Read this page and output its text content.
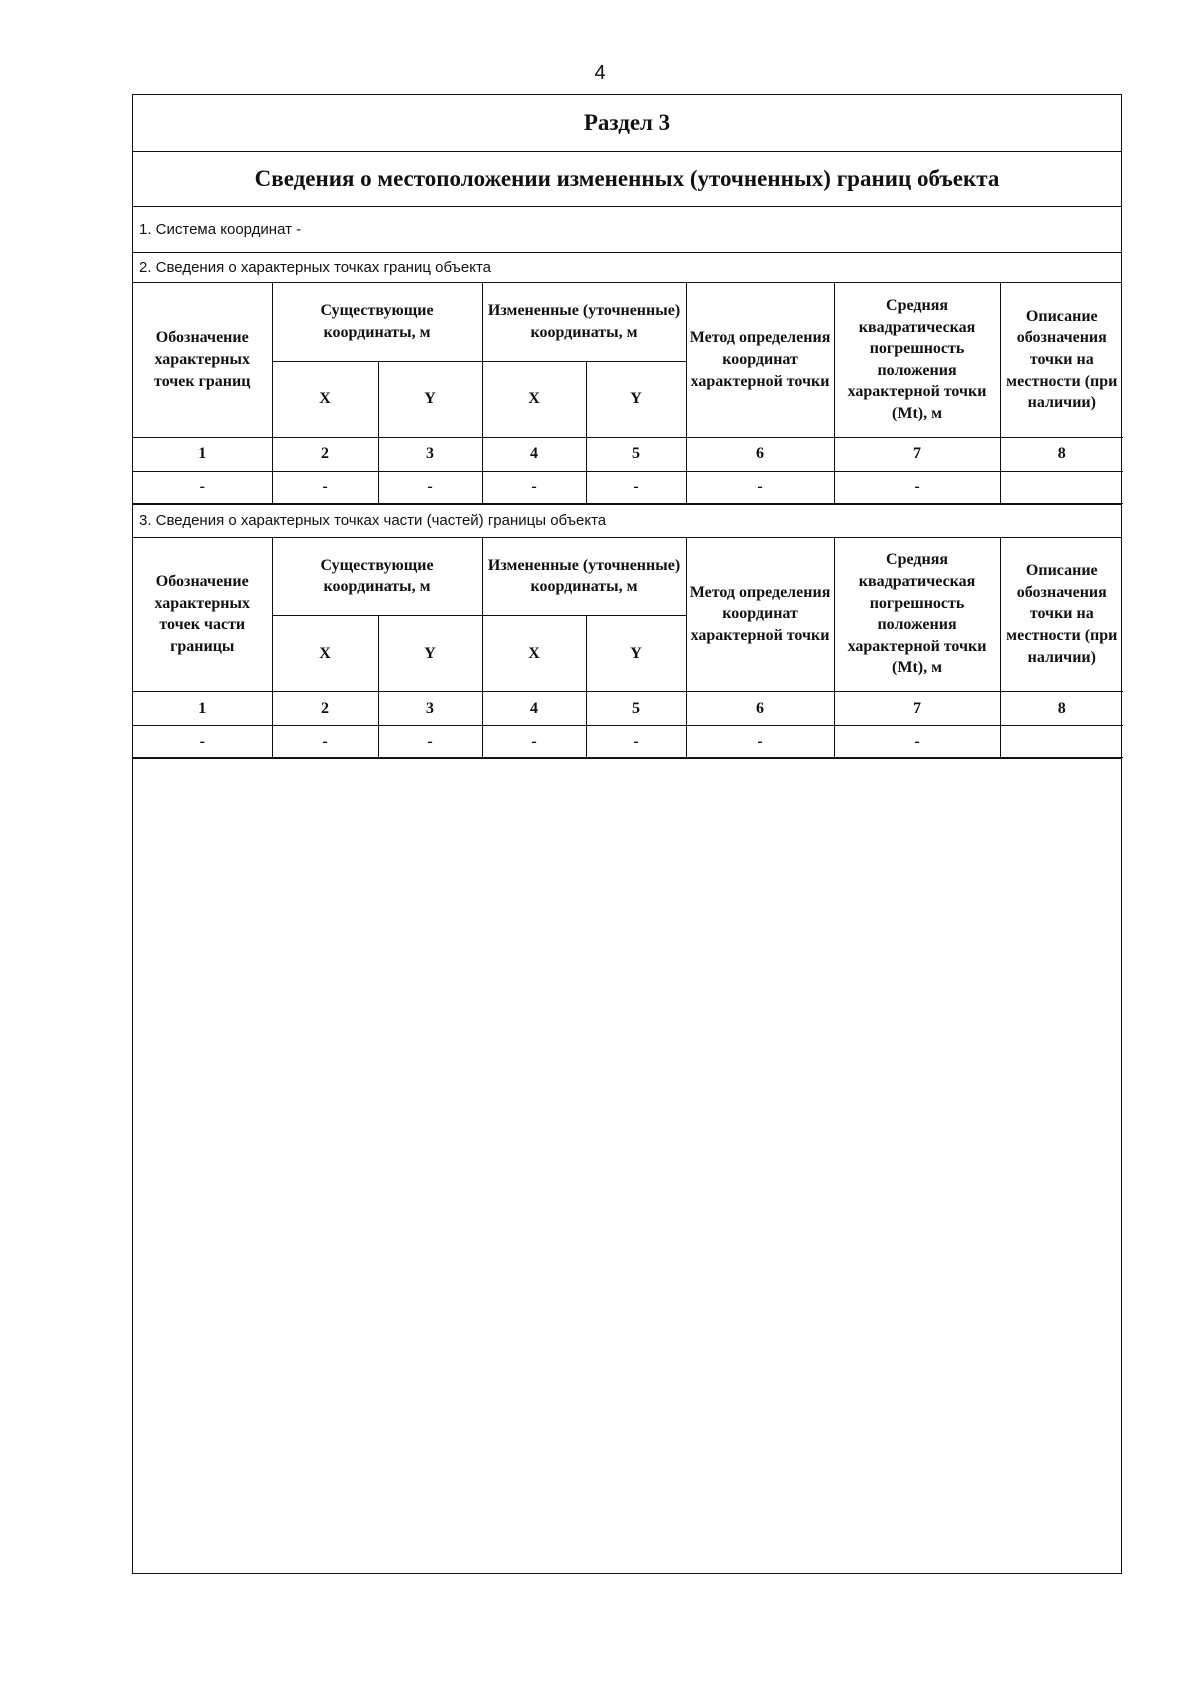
4
Раздел 3
Сведения о местоположении измененных (уточненных) границ объекта
1. Система координат -
2. Сведения о характерных точках границ объекта
Обозначение характерных точек границ	Существующие координаты, м		Измененные (уточненные) координаты, м		Метод определения координат характерной точки	Средняя квадратическая погрешность положения характерной точки (Mt), м	Описание обозначения точки на местности (при наличии)
	X	Y	X	Y			
1	2	3	4	5	6	7	8
-	-	-	-	-	-	-	
3. Сведения о характерных точках части (частей) границы объекта
Обозначение характерных точек части границы	Существующие координаты, м		Измененные (уточненные) координаты, м		Метод определения координат характерной точки	Средняя квадратическая погрешность положения характерной точки (Mt), м	Описание обозначения точки на местности (при наличии)
	X	Y	X	Y			
1	2	3	4	5	6	7	8
-	-	-	-	-	-	-	
